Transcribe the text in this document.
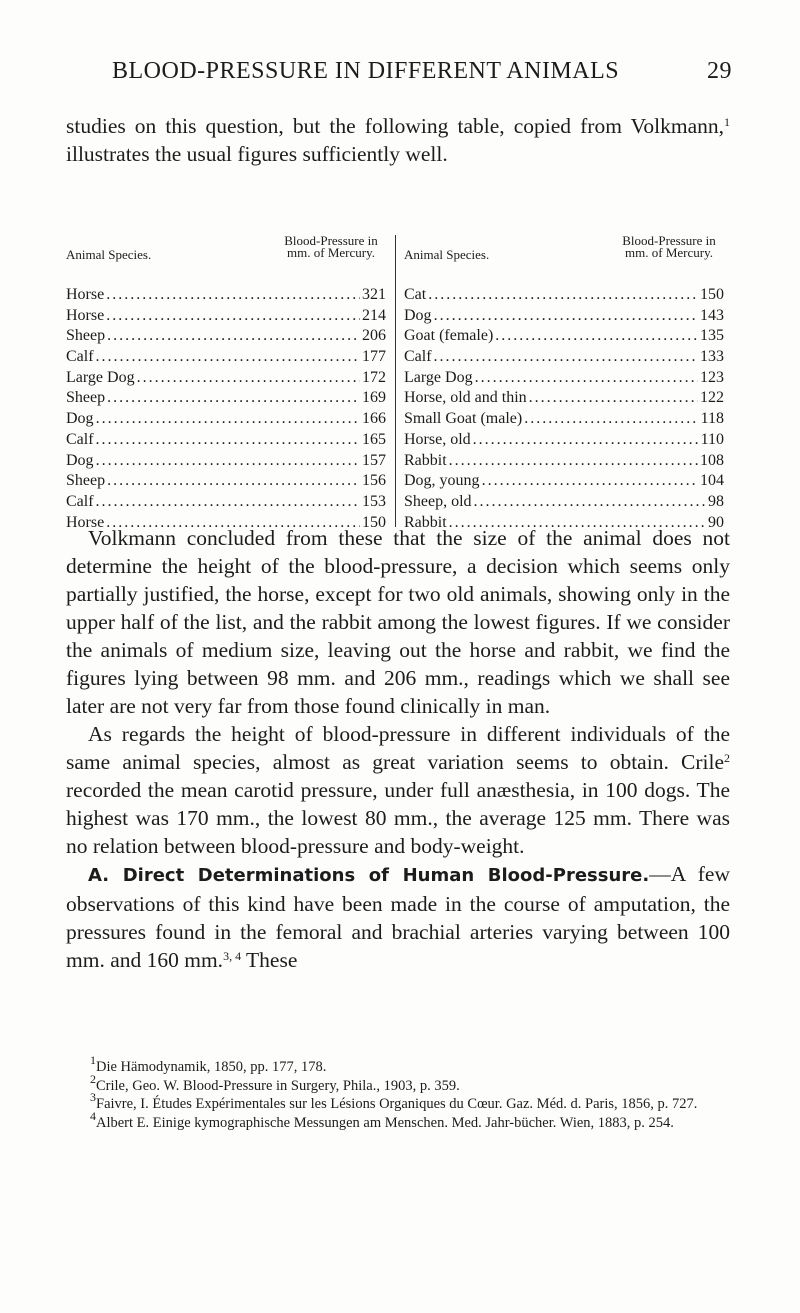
BLOOD-PRESSURE IN DIFFERENT ANIMALS	29
studies on this question, but the following table, copied from Volkmann,$^1$ illustrates the usual figures sufficiently well.
Animal Species.
Blood-Pressure in mm. of Mercury.
Horse .....	321
Horse .....	214
Sheep .....	206
Calf .....	177
Large Dog .....	172
Sheep .....	169
Dog .....	166
Calf .....	165
Dog .....	157
Sheep .....	156
Calf .....	153
Horse .....	150
Animal Species.
Blood-Pressure in mm. of Mercury.
Cat .....	150
Dog .....	143
Goat (female) .....	135
Calf .....	133
Large Dog .....	123
Horse, old and thin .....	122
Small Goat (male) .....	118
Horse, old .....	110
Rabbit .....	108
Dog, young .....	104
Sheep, old .....	98
Rabbit .....	90

Volkmann concluded from these that the size of the animal does not determine the height of the blood-pressure, a decision which seems only partially justified, the horse, except for two old animals, showing only in the upper half of the list, and the rabbit among the lowest figures. If we consider the animals of medium size, leaving out the horse and rabbit, we find the figures lying between 98 mm. and 206 mm., readings which we shall see later are not very far from those found clinically in man.

As regards the height of blood-pressure in different individuals of the same animal species, almost as great variation seems to obtain. Crile$^2$ recorded the mean carotid pressure, under full anæsthesia, in 100 dogs. The highest was 170 mm., the lowest 80 mm., the average 125 mm. There was no relation between blood-pressure and body-weight.

A. Direct Determinations of Human Blood-Pressure.—A few observations of this kind have been made in the course of amputation, the pressures found in the femoral and brachial arteries varying between 100 mm. and 160 mm.$^{3, 4}$ These

$^1$Die Hämodynamik, 1850, pp. 177, 178.

$^2$Crile, Geo. W. Blood-Pressure in Surgery, Phila., 1903, p. 359.

$^3$Faivre, I. Études Expérimentales sur les Lésions Organiques du Cœur. Gaz. Méd. d. Paris, 1856, p. 727.

$^4$Albert E. Einige kymographische Messungen am Menschen. Med. Jahr-bücher. Wien, 1883, p. 254.
